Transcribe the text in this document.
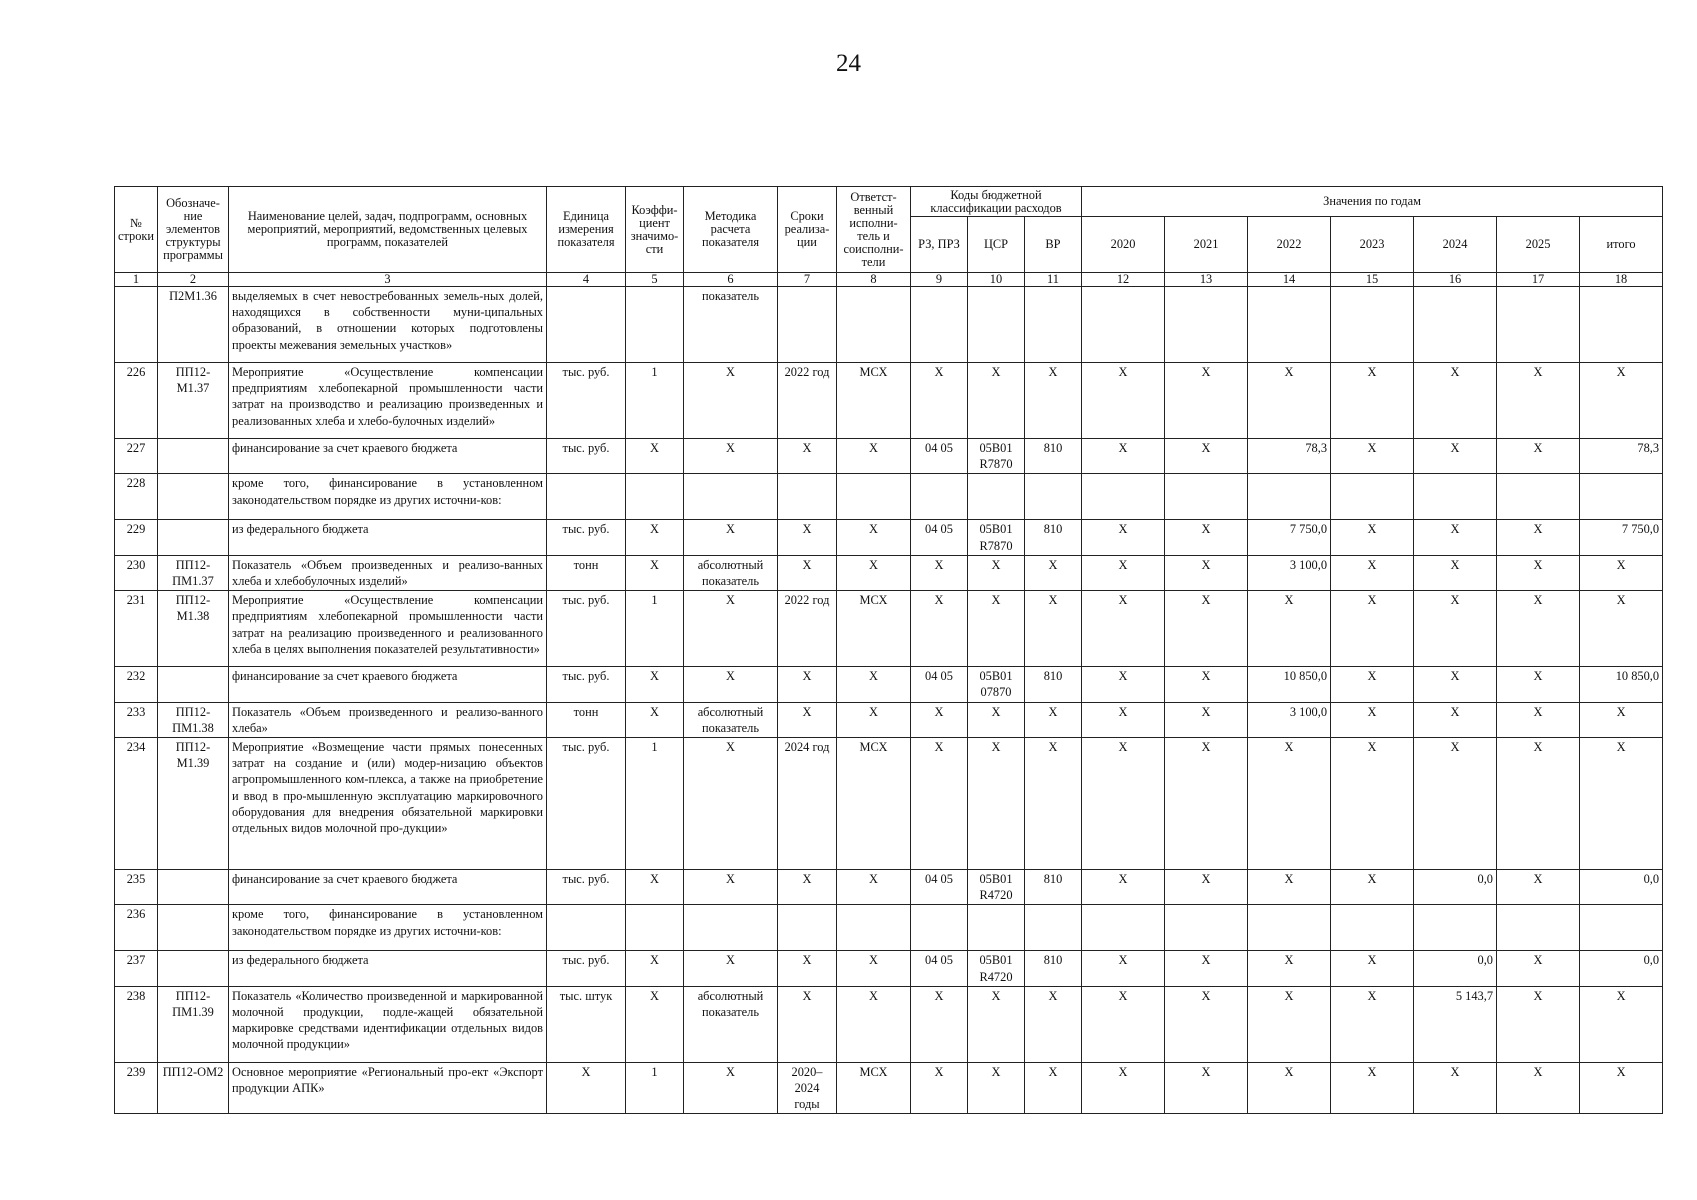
24
№ строки	Обозначе-ние элементов структуры программы	Наименование целей, задач, подпрограмм, основных мероприятий, мероприятий, ведомственных целевых программ, показателей	Единица измерения показателя	Коэффи-циент значимо-сти	Методика расчета показателя	Сроки реализа-ции	Ответст-венный исполни-тель и соисполни-тели	Коды бюджетной классификации расходов			Значения по годам						
								РЗ, ПРЗ	ЦСР	ВР	2020	2021	2022	2023	2024	2025	итого
1	2	3	4	5	6	7	8	9	10	11	12	13	14	15	16	17	18
	П2М1.36	выделяемых в счет невостребованных земель-ных долей, находящихся в собственности муни-ципальных образований, в отношении которых подготовлены проекты межевания земельных участков»			показатель												
226	ПП12-М1.37	Мероприятие «Осуществление компенсации предприятиям хлебопекарной промышленности части затрат на производство и реализацию произведенных и реализованных хлеба и хлебо-булочных изделий»	тыс. руб.	1	X	2022 год	МСХ	X	X	X	X	X	X	X	X	X	X
227		финансирование за счет краевого бюджета	тыс. руб.	X	X	X	X	04 05	05В01 R7870	810	X	X	78,3	X	X	X	78,3
228		кроме того, финансирование в установленном законодательством порядке из других источни-ков:															
229		из федерального бюджета	тыс. руб.	X	X	X	X	04 05	05В01 R7870	810	X	X	7 750,0	X	X	X	7 750,0
230	ПП12-ПМ1.37	Показатель «Объем произведенных и реализо-ванных хлеба и хлебобулочных изделий»	тонн	X	абсолютный показатель	X	X	X	X	X	X	X	3 100,0	X	X	X	X
231	ПП12-М1.38	Мероприятие «Осуществление компенсации предприятиям хлебопекарной промышленности части затрат на реализацию произведенного и реализованного хлеба в целях выполнения показателей результативности»	тыс. руб.	1	X	2022 год	МСХ	X	X	X	X	X	X	X	X	X	X
232		финансирование за счет краевого бюджета	тыс. руб.	X	X	X	X	04 05	05В01 07870	810	X	X	10 850,0	X	X	X	10 850,0
233	ПП12-ПМ1.38	Показатель «Объем произведенного и реализо-ванного хлеба»	тонн	X	абсолютный показатель	X	X	X	X	X	X	X	3 100,0	X	X	X	X
234	ПП12-М1.39	Мероприятие «Возмещение части прямых понесенных затрат на создание и (или) модер-низацию объектов агропромышленного ком-плекса, а также на приобретение и ввод в про-мышленную эксплуатацию маркировочного оборудования для внедрения обязательной маркировки отдельных видов молочной про-дукции»	тыс. руб.	1	X	2024 год	МСХ	X	X	X	X	X	X	X	X	X	X
235		финансирование за счет краевого бюджета	тыс. руб.	X	X	X	X	04 05	05В01 R4720	810	X	X	X	X	0,0	X	0,0
236		кроме того, финансирование в установленном законодательством порядке из других источни-ков:															
237		из федерального бюджета	тыс. руб.	X	X	X	X	04 05	05В01 R4720	810	X	X	X	X	0,0	X	0,0
238	ПП12-ПМ1.39	Показатель «Количество произведенной и маркированной молочной продукции, подле-жащей обязательной маркировке средствами идентификации отдельных видов молочной продукции»	тыс. штук	X	абсолютный показатель	X	X	X	X	X	X	X	X	X	5 143,7	X	X
239	ПП12-ОМ2	Основное мероприятие «Региональный про-ект «Экспорт продукции АПК»	X	1	X	2020–2024 годы	МСХ	X	X	X	X	X	X	X	X	X	X
